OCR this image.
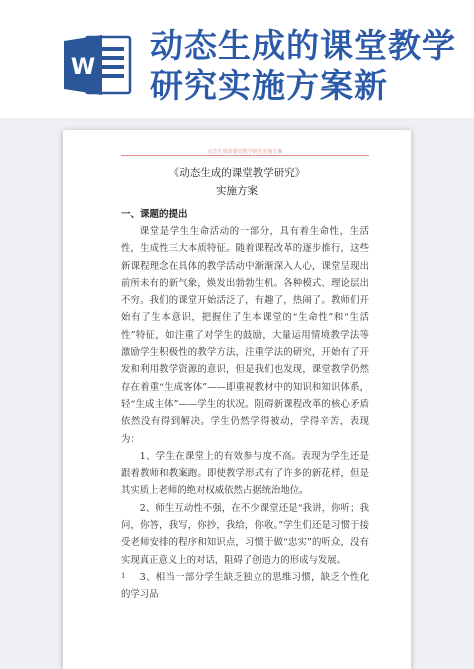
W
动态生成的课堂教学研究实施方案新
动态生成的课堂教学研究实施方案
《动态生成的课堂教学研究》
实施方案
一、课题的提出

课堂是学生生命活动的一部分，具有着生命性，生活性，生成性三大本质特征。随着课程改革的逐步推行，这些新课程理念在具体的教学活动中渐渐深入人心，课堂呈现出前所未有的新气象，焕发出勃勃生机。各种模式、理论层出不穷。我们的课堂开始活泛了，有趣了，热闹了。教师们开始有了生本意识，把握住了生本课堂的“生命性”和“生活性”特征，如注重了对学生的鼓励，大量运用情境教学法等激励学生积极性的教学方法，注重学法的研究，开始有了开发和利用教学资源的意识，但是我们也发现，课堂教学仍然存在着重“生成客体”——即重视教材中的知识和知识体系，轻“生成主体”——学生的状况。阻碍新课程改革的核心矛盾依然没有得到解决。学生仍然学得被动，学得辛苦，表现为：

1、学生在课堂上的有效参与度不高。表现为学生还是跟着教师和教案跑。即使教学形式有了许多的新花样，但是其实质上老师的绝对权威依然占据统治地位。

2、师生互动性不强，在不少课堂还是“我讲，你听；我问，你答，我写，你抄，我给，你收。”学生们还是习惯于接受老师安排的程序和知识点，习惯于做“忠实”的听众，没有实现真正意义上的对话，阻碍了创造力的形成与发展。

3、相当一部分学生缺乏独立的思维习惯，缺乏个性化的学习品

1
